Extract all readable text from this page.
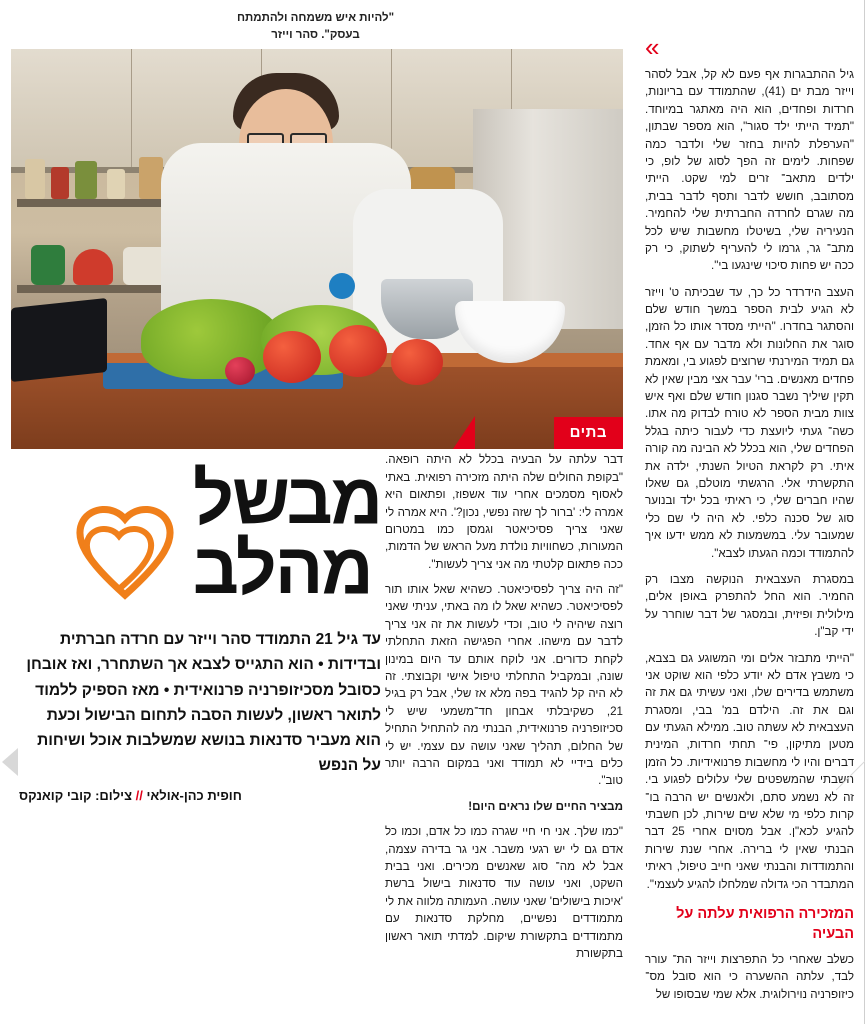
"להיות איש משמחה ולהתמתח בעסק". סהר וייזר
בתים
מבשל
מהלב
עד גיל 21 התמודד סהר וייזר עם חרדה חברתית ובדידות • הוא התגייס לצבא אך השתחרר, ואז אובחן כסובל מסכיזופרניה פרנואידית • מאז הספיק ללמוד לתואר ראשון, לעשות הסבה לתחום הבישול וכעת הוא מעביר סדנאות בנושא שמשלבות אוכל ושיחות על הנפש
חופית כהן-אולאי // צילום: קובי קואנקס

דבר עלתה על הבעיה בכלל לא היתה רופאה. "בקופת החולים שלה היתה מזכירה רפואית. באתי לאסוף מסמכים אחרי עוד אשפוז, ופתאום היא אמרה לי: 'ברור לך שזה נפשי, נכון?'. היא אמרה לי שאני צריך פסיכיאטר וגמסן כמו במטרום המעורות, כשחוויות נולדת מעל הראש של הדמות, ככה פתאום קלטתי מה אני צריך לעשות".

"זה היה צריך לפסיכיאטר. כשהיא שאל אותו תור לפסיכיאטר. כשהיא שאל לו מה באתי, עניתי שאני רוצה שיהיה לי טוב, וכדי לעשות את זה אני צריך לדבר עם מישהו. אחרי הפגישה הזאת התחלתי לקחת כדורים. אני לוקח אותם עד היום במינון שונה, ובמקביל התחלתי טיפול אישי וקבוצתי. זה לא היה קל להגיד בפה מלא אז שלי, אבל רק בגיל 21, כשקיבלתי אבחון חד־משמעי שיש לי סכיזופרניה פרנואידית, הבנתי מה להתחיל התחיל של החלום, תהליך שאני עושה עם עצמי. יש לי כלים בידיי לא תמודד ואני במקום הרבה יותר טוב".

מבציר החיים שלו נראים היום!

"כמו שלך. אני חי חיי שגרה כמו כל אדם, וכמו כל אדם גם לי יש רגעי משבר. אני גר בדירה עצמה, אבל לא מה־ סוג שאנשים מכירים. ואני בבית השקט, ואני עושה עוד סדנאות בישול ברשת 'איכות בישולים' שאני עושה. העמותה מלווה את לי מתמודדים נפשיים, מחלקת סדנאות עם מתמודדים בתקשורת שיקום. למדתי תואר ראשון בתקשורת

«

גיל ההתבגרות אף פעם לא קל, אבל לסהר וייזר מבת ים (41), שהתמודד עם בריונות, חרדות ופחדים, הוא היה מאתגר במיוחד. "תמיד הייתי ילד סגור", הוא מספר שבתון, "הערפלת להיות בחזר שלי ולדבר כמה שפחות. לימים זה הפך לסוג של לופ, כי ילדים מתאב־ זרים למי שקט. הייתי מסתובב, חושש לדבר ותסף לדבר בבית, מה שגרם לחרדה החברתית שלי להחמיר. הנעיריה שלי, בשיטלו מחשבות שיש לכל מתב־ גר, גרמו לי להעריף לשתוק, כי רק ככה יש פחות סיכוי שינגעו בי".

העצב הידרדר כל כך, עד שבכיתה ט' וייזר לא הגיע לבית הספר במשך חודש שלם והסתגר בחדרו. "הייתי מסדר אותו כל הזמן, סוגר את החלונות ולא מדבר עם אף אחד. גם תמיד המירנתי שרוצים לפגוע בי, ומאמת פחדים מאנשים. ברי' עבר אצי מבין שאין לא תקין שיליך נשבר סגנון חודש שלם ואף איש צוות מבית הספר לא טורח לבדוק מה אתו. כשה־ געתי ליועצת כדי לעבור כיתה בגלל הפחדים שלי, הוא בכלל לא הבינה מה קורה איתי. רק לקראת הטיול השנתי, ילדה את התקשרתי אלי. הרגשתי מוטלם, גם שאלו שהיו חברים שלי, כי ראיתי בכל ילד ובנוער סוג של סכנה כלפי. לא היה לי שם כלי שמעובר עלי. במשמעות לא ממש ידעו איך להתמודד וכמה הגעתו לצבא".

במסגרת העצבאית הנוקשה מצבו רק החמיר. הוא החל להתפרק באופן אלים, מילולית ופיזית, ובמסגר של דבר שוחרר על ידי קב"ן.

"הייתי מתבזר אלים ומי המשוגע גם בצבא, כי משבץ אדם לא יודע כלפי הוא שוקט אני משתמש בדירים שלו, ואני עשיתי גם את זה וגם את זה. הילדם במ' בבי, ומסגרת העצבאית לא עשתה טוב. ממילא הגעתי עם מטען מתיקון, פי־ תחתי חרדות, המינית דברים והיו לי מחשבות פרנואידיות. כל הזמן חשבתי שהמשפטים שלי עלולים לפגוע בי. זה לא נשמע סתם, ולאנשים יש הרבה בו־ קרות כלפי מי שלא שים שירות, לכן חשבתי להגיע לכא"ן. אבל מסוים אחרי 25 דבר הבנתי שאין לי ברירה. אחרי שנת שירות והתמודדות והבנתי שאני חייב טיפול, ראיתי המתבדר הכי גדולה שמלחלו להגיע לעצמי".

המזכירה הרפואית עלתה על הבעיה

כשלב שאחרי כל התפרצות וייזר הת־ עורר לבד, עלתה ההשערה כי הוא סובל מס־ כיזופרניה נוירולוגית. אלא שמי שבסופו של
